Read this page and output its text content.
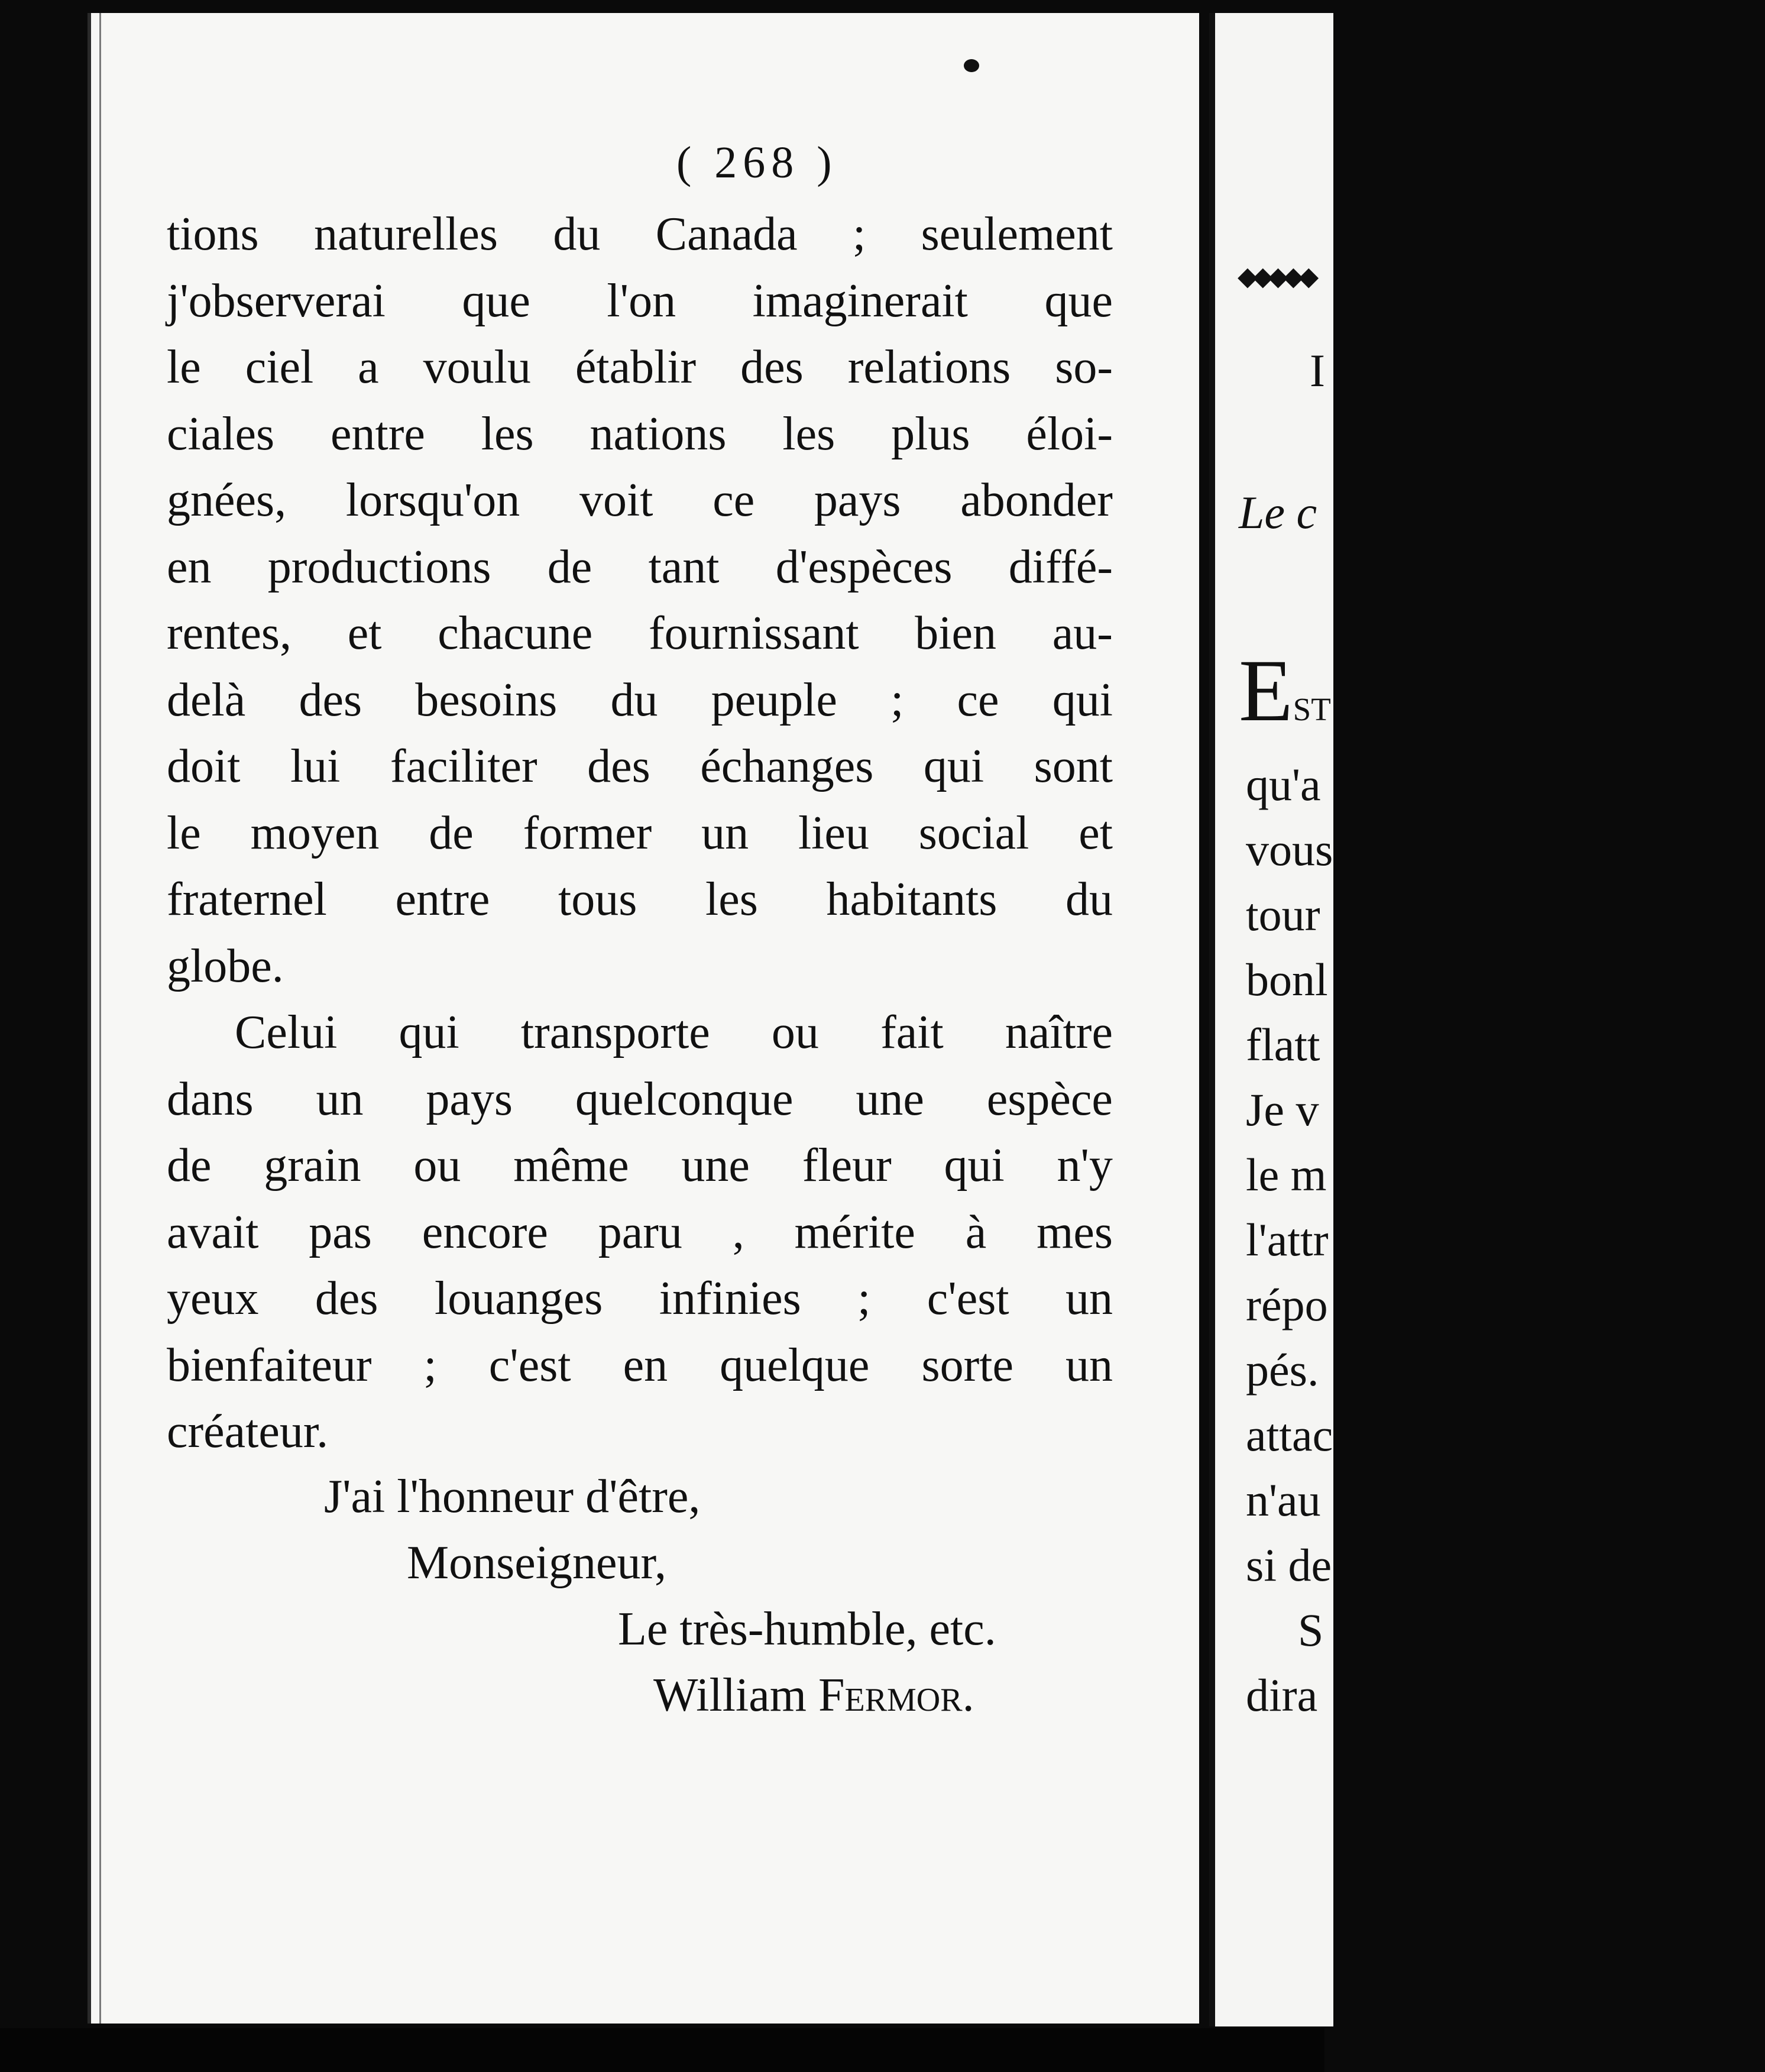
( 268 )
tions naturelles du Canada ; seulement
j'observerai que l'on imaginerait que
le ciel a voulu établir des relations so-
ciales entre les nations les plus éloi-
gnées, lorsqu'on voit ce pays abonder
en productions de tant d'espèces diffé-
rentes, et chacune fournissant bien au-
delà des besoins du peuple ; ce qui
doit lui faciliter des échanges qui sont
le moyen de former un lieu social et
fraternel entre tous les habitants du
globe.
Celui qui transporte ou fait naître
dans un pays quelconque une espèce
de grain ou même une fleur qui n'y
avait pas encore paru , mérite à mes
yeux des louanges infinies ; c'est un
bienfaiteur ; c'est en quelque sorte un
créateur.
J'ai l'honneur d'être,
Monseigneur,
Le très-humble, etc.
William Fermor.
◆◆◆◆◆
I
Le c
Est
qu'a
vous
tour
bonl
flatt
Je v
le m
l'attr
répo
pés.
attac
n'au
si de
S
dira
